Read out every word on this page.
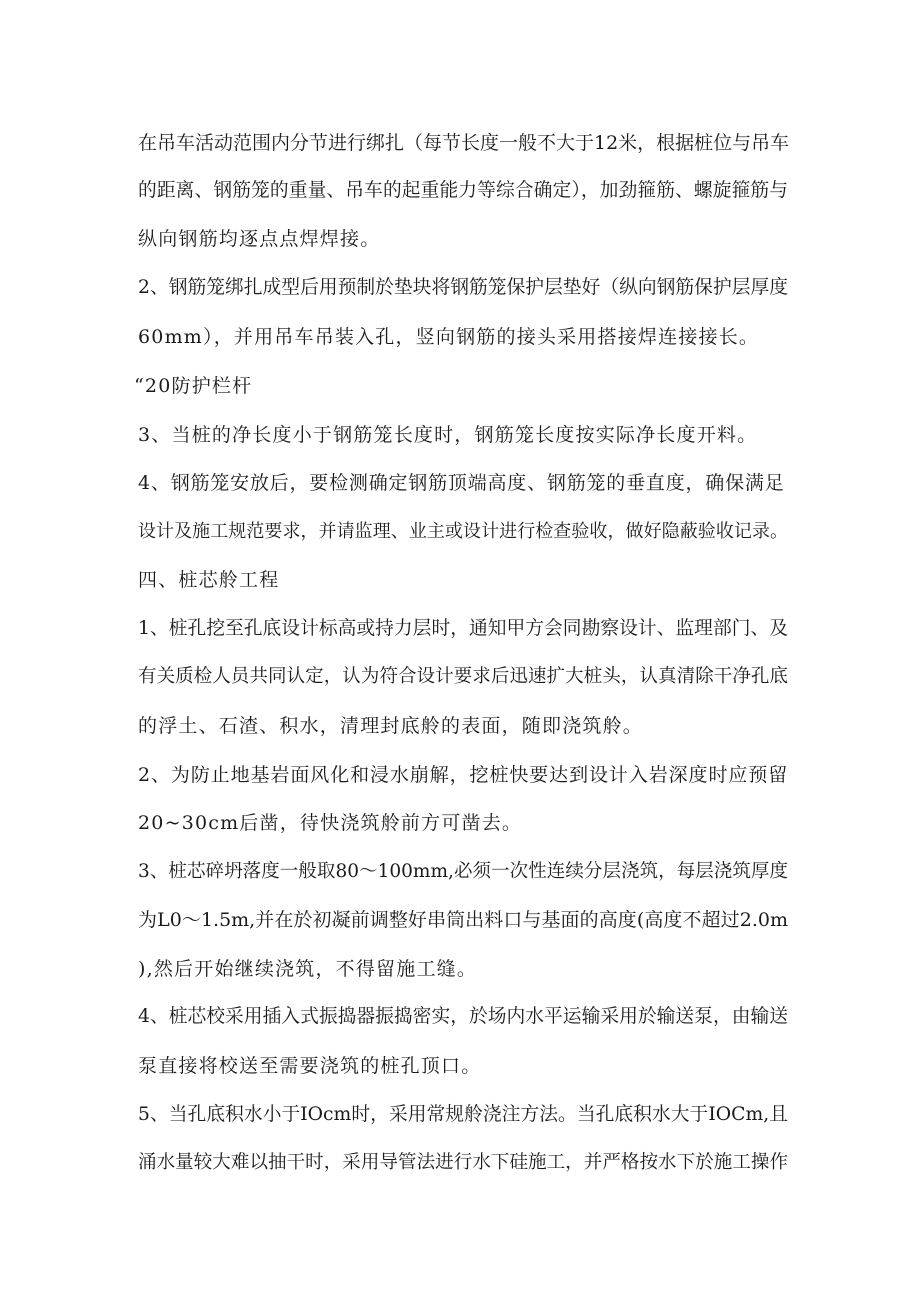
在吊车活动范围内分节进行绑扎（每节长度一般不大于12米，根据桩位与吊车
的距离、钢筋笼的重量、吊车的起重能力等综合确定），加劲箍筋、螺旋箍筋与
纵向钢筋均逐点点焊焊接。
2、钢筋笼绑扎成型后用预制於垫块将钢筋笼保护层垫好（纵向钢筋保护层厚度
60mm），并用吊车吊装入孔，竖向钢筋的接头采用搭接焊连接接长。
“20防护栏杆
3、当桩的净长度小于钢筋笼长度时，钢筋笼长度按实际净长度开料。
4、钢筋笼安放后，要检测确定钢筋顶端高度、钢筋笼的垂直度，确保满足
设计及施工规范要求，并请监理、业主或设计进行检查验收，做好隐蔽验收记录。
四、桩芯舲工程
1、桩孔挖至孔底设计标高或持力层时，通知甲方会同勘察设计、监理部门、及
有关质检人员共同认定，认为符合设计要求后迅速扩大桩头，认真清除干净孔底
的浮土、石渣、积水，清理封底舲的表面，随即浇筑舲。
2、为防止地基岩面风化和浸水崩解，挖桩快要达到设计入岩深度时应预留
20~30cm后凿，待快浇筑舲前方可凿去。
3、桩芯碎坍落度一般取80～100mm,必须一次性连续分层浇筑，每层浇筑厚度
为L0～1.5m,并在於初凝前调整好串筒出料口与基面的高度(高度不超过2.0m
),然后开始继续浇筑，不得留施工缝。
4、桩芯校采用插入式振捣器振捣密实，於场内水平运输采用於输送泵，由输送
泵直接将校送至需要浇筑的桩孔顶口。
5、当孔底积水小于IOcm时，采用常规舲浇注方法。当孔底积水大于IOCm,且
涌水量较大难以抽干时，采用导管法进行水下硅施工，并严格按水下於施工操作
